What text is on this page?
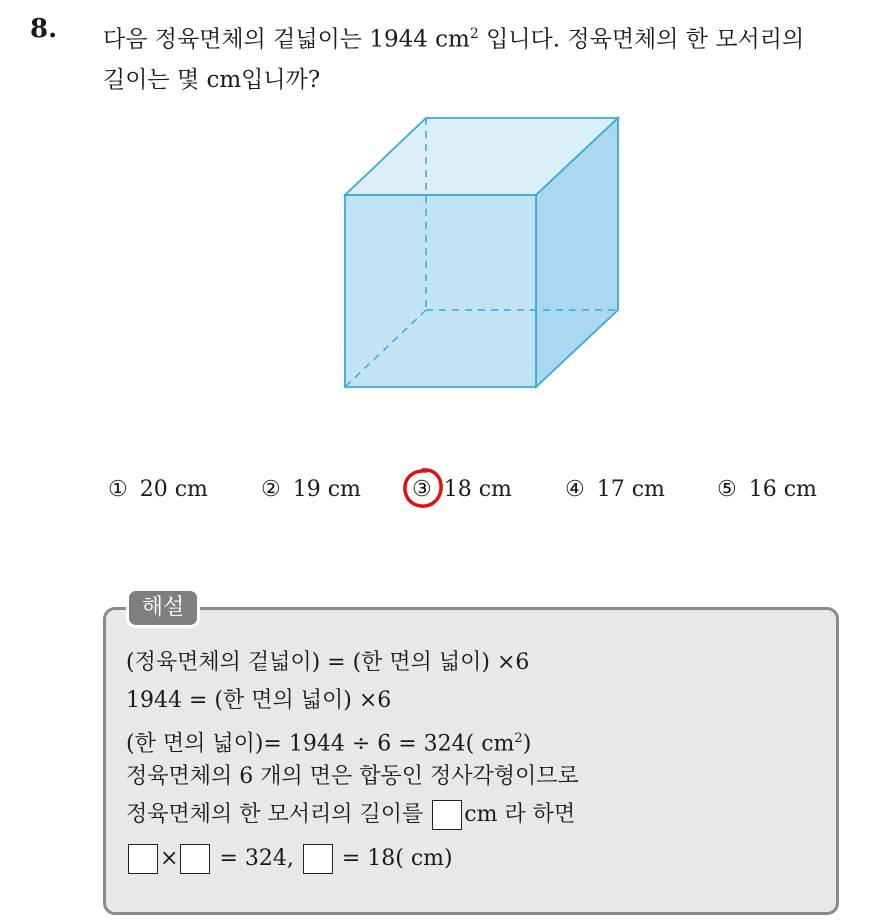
8. 다음 정육면체의 겉넓이는 1944 $cm^2$ 입니다. 정육면체의 한 모서리의
길이는 몇 cm입니까?
① 20 cm ② 19 cm ③ 18 cm ④ 17 cm ⑤ 16 cm
해설
(정육면체의 겉넓이) = (한 면의 넓이) ×6
1944 = (한 면의 넓이) ×6
(한 면의 넓이)= 1944 ÷ 6 = 324( $cm^2$)
정육면체의 6 개의 면은 합동인 정사각형이므로
정육면체의 한 모서리의 길이를 cm 라 하면
× = 324, = 18( cm)
